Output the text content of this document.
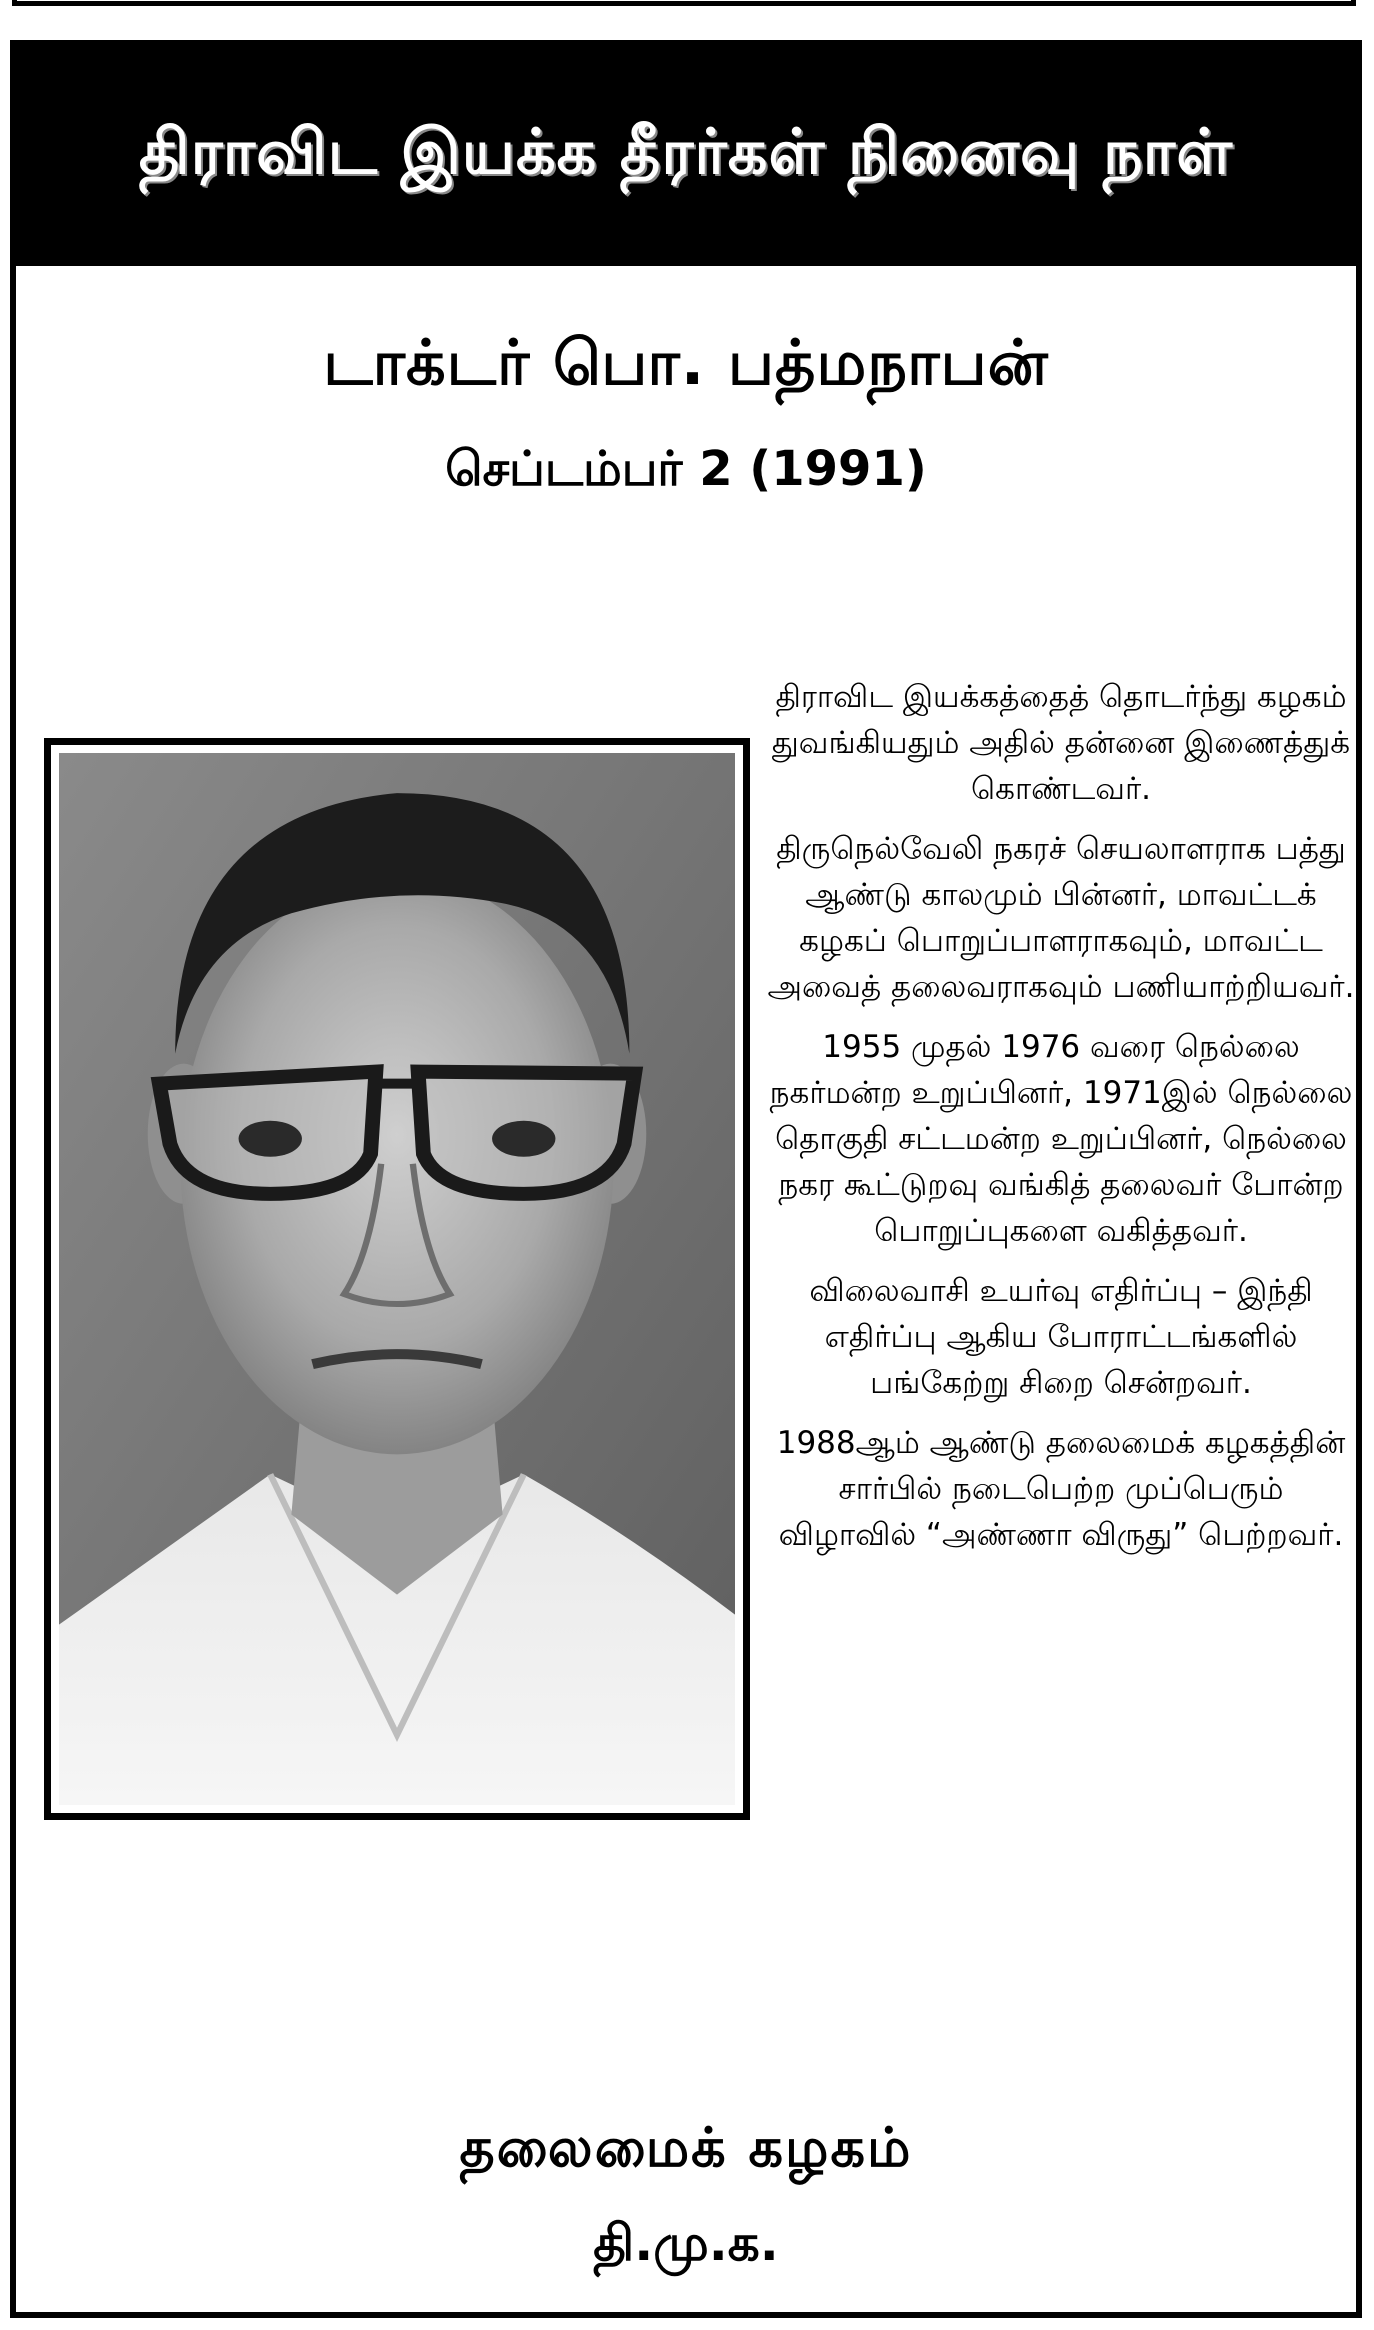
திராவிட இயக்க தீரர்கள் நினைவு நாள்
டாக்டர் பொ. பத்மநாபன்
செப்டம்பர் 2 (1991)

திராவிட இயக்கத்தைத் தொடர்ந்து கழகம் துவங்கியதும் அதில் தன்னை இணைத்துக் கொண்டவர்.

திருநெல்வேலி நகரச் செயலாளராக பத்து ஆண்டு காலமும் பின்னர், மாவட்டக் கழகப் பொறுப்பாளராகவும், மாவட்ட அவைத் தலைவராகவும் பணியாற்றியவர்.

1955 முதல் 1976 வரை நெல்லை நகர்மன்ற உறுப்பினர், 1971இல் நெல்லை தொகுதி சட்டமன்ற உறுப்பினர், நெல்லை நகர கூட்டுறவு வங்கித் தலைவர் போன்ற பொறுப்புகளை வகித்தவர்.

விலைவாசி உயர்வு எதிர்ப்பு – இந்தி எதிர்ப்பு ஆகிய போராட்டங்களில் பங்கேற்று சிறை சென்றவர்.

1988ஆம் ஆண்டு தலைமைக் கழகத்தின் சார்பில் நடைபெற்ற முப்பெரும் விழாவில் “அண்ணா விருது” பெற்றவர்.

தலைமைக் கழகம்
தி.மு.க.
